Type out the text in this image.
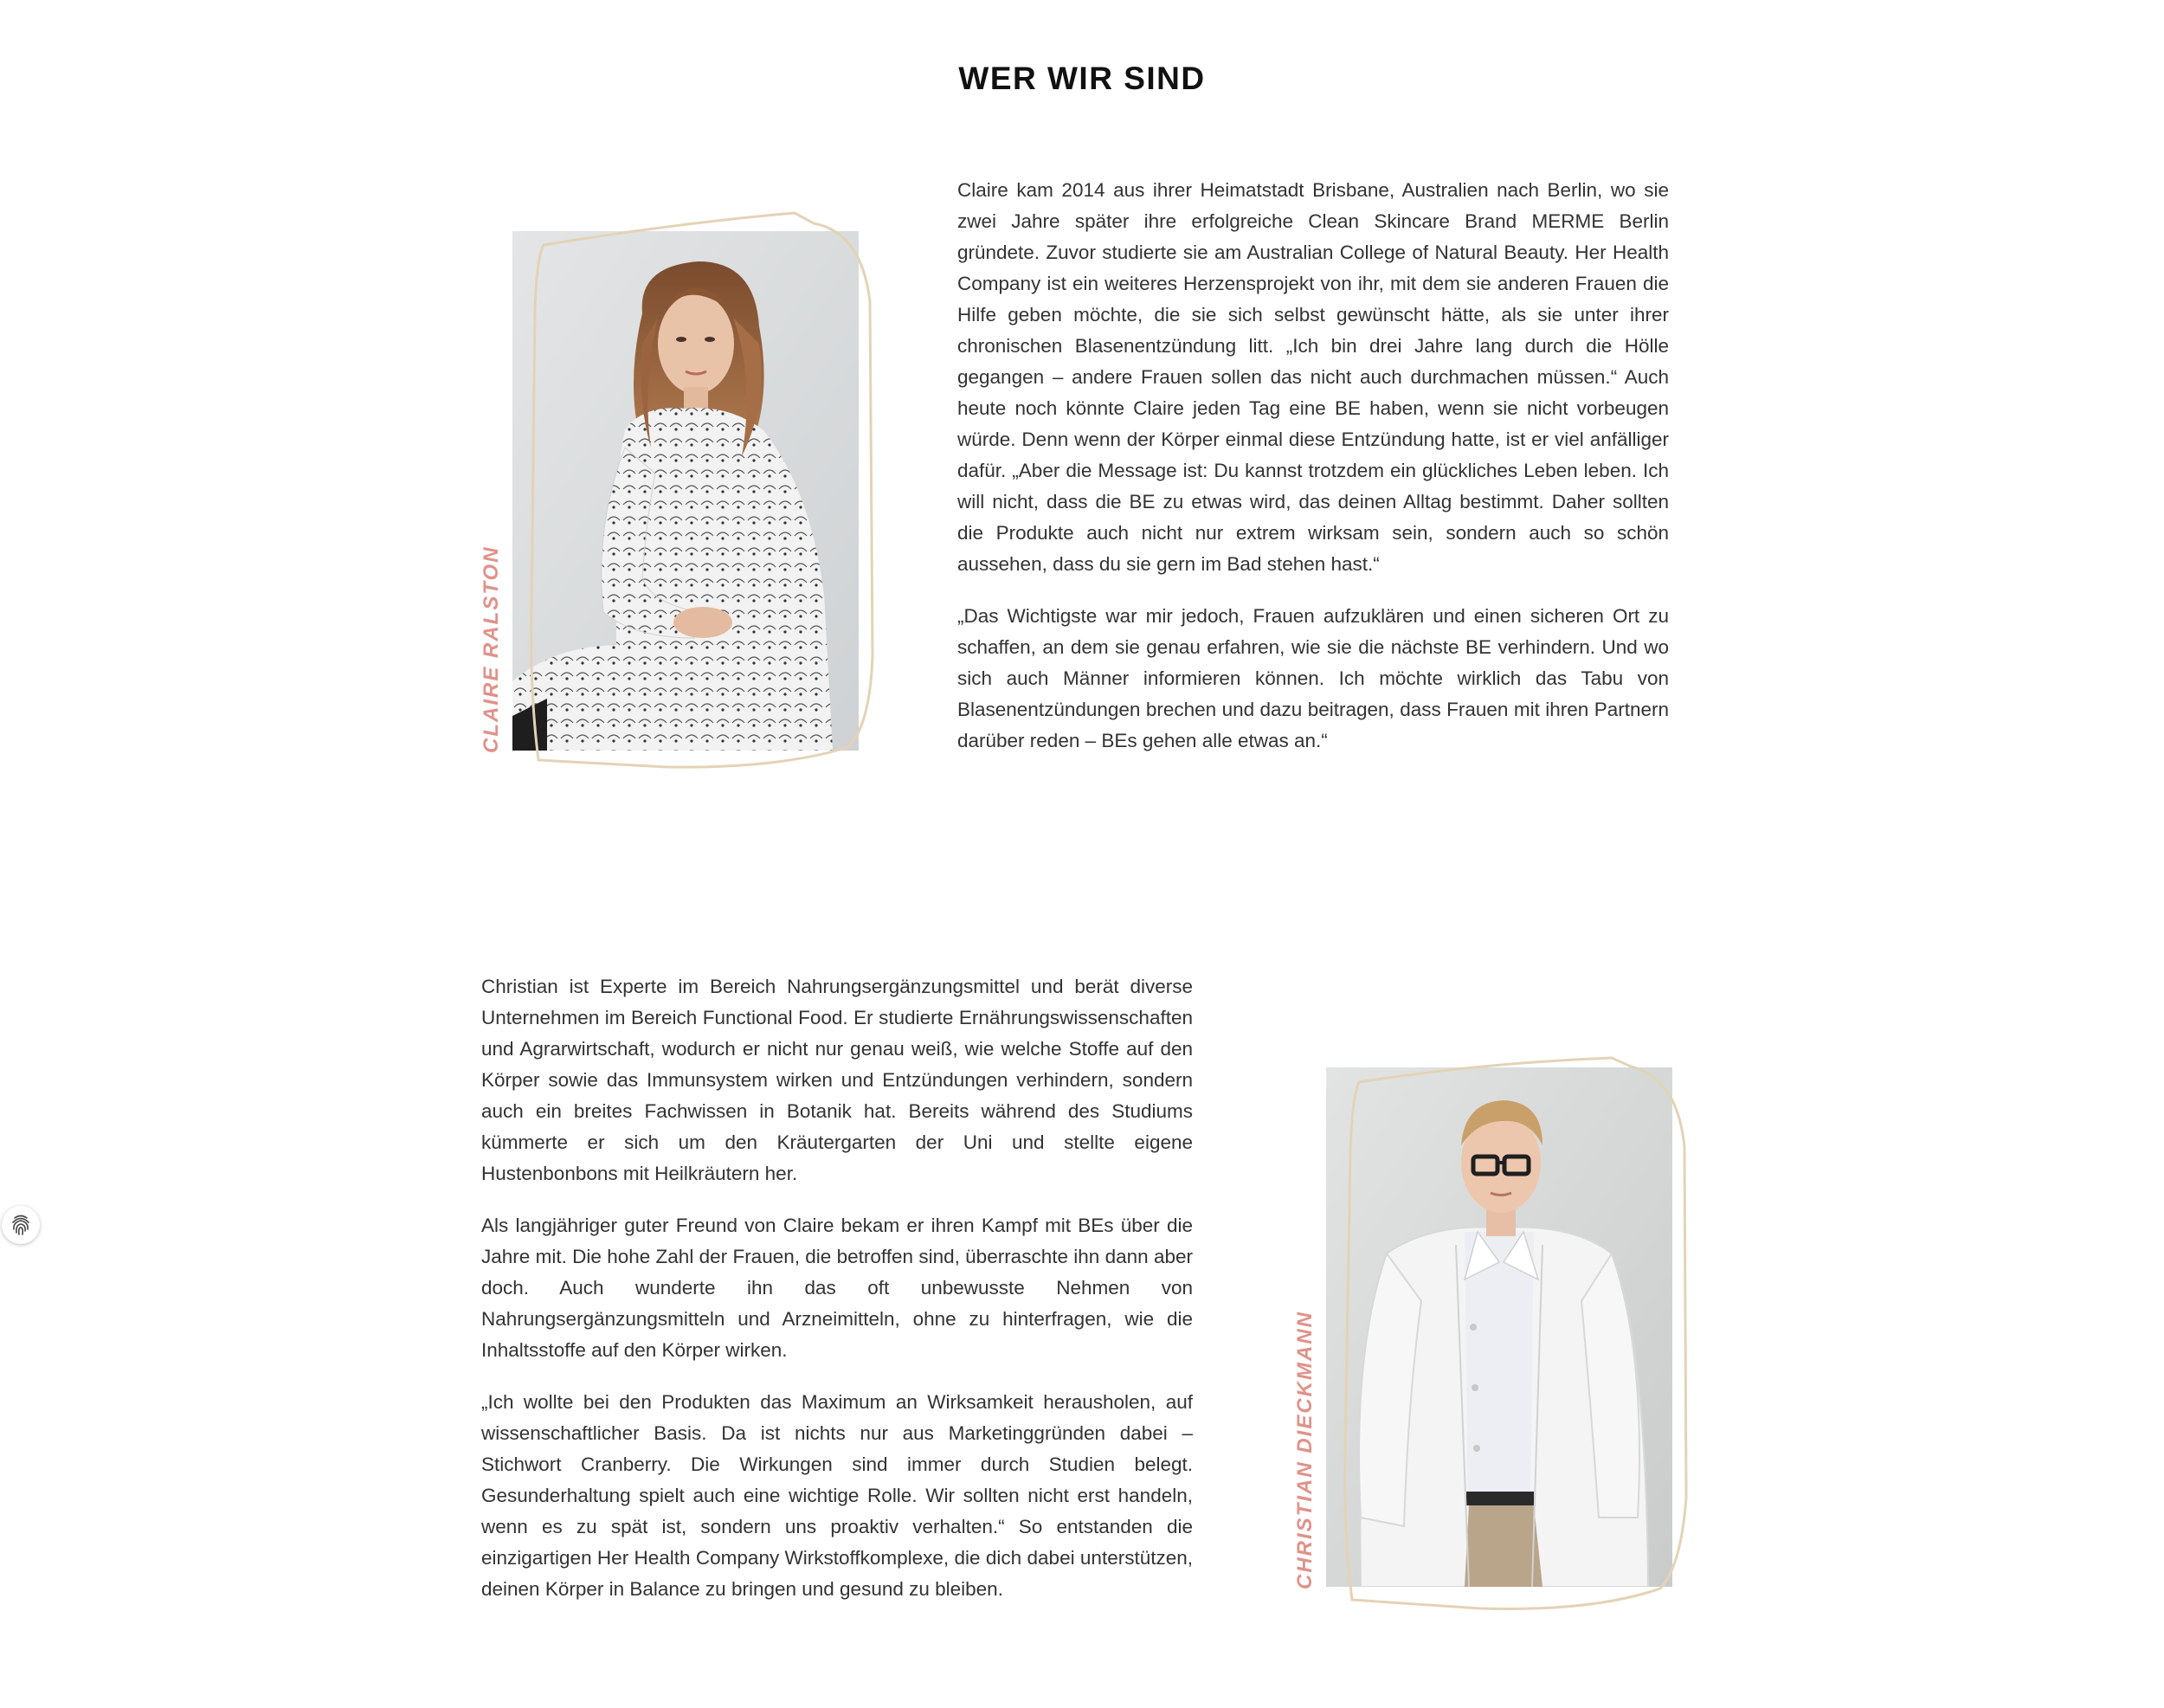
WER WIR SIND
CLAIRE RALSTON

Claire kam 2014 aus ihrer Heimatstadt Brisbane, Australien nach Berlin, wo sie zwei Jahre später ihre erfolgreiche Clean Skincare Brand MERME Berlin gründete. Zuvor studierte sie am Australian College of Natural Beauty. Her Health Company ist ein weiteres Herzensprojekt von ihr, mit dem sie anderen Frauen die Hilfe geben möchte, die sie sich selbst gewünscht hätte, als sie unter ihrer chronischen Blasenentzündung litt. „Ich bin drei Jahre lang durch die Hölle gegangen – andere Frauen sollen das nicht auch durchmachen müssen.“ Auch heute noch könnte Claire jeden Tag eine BE haben, wenn sie nicht vorbeugen würde. Denn wenn der Körper einmal diese Entzündung hatte, ist er viel anfälliger dafür. „Aber die Message ist: Du kannst trotzdem ein glückliches Leben leben. Ich will nicht, dass die BE zu etwas wird, das deinen Alltag bestimmt. Daher sollten die Produkte auch nicht nur extrem wirksam sein, sondern auch so schön aussehen, dass du sie gern im Bad stehen hast.“

„Das Wichtigste war mir jedoch, Frauen aufzuklären und einen sicheren Ort zu schaffen, an dem sie genau erfahren, wie sie die nächste BE verhindern. Und wo sich auch Männer informieren können. Ich möchte wirklich das Tabu von Blasenentzündungen brechen und dazu beitragen, dass Frauen mit ihren Partnern darüber reden – BEs gehen alle etwas an.“

Christian ist Experte im Bereich Nahrungsergänzungsmittel und berät diverse Unternehmen im Bereich Functional Food. Er studierte Ernährungswissenschaften und Agrarwirtschaft, wodurch er nicht nur genau weiß, wie welche Stoffe auf den Körper sowie das Immunsystem wirken und Entzündungen verhindern, sondern auch ein breites Fachwissen in Botanik hat. Bereits während des Studiums kümmerte er sich um den Kräutergarten der Uni und stellte eigene Hustenbonbons mit Heilkräutern her.

Als langjähriger guter Freund von Claire bekam er ihren Kampf mit BEs über die Jahre mit. Die hohe Zahl der Frauen, die betroffen sind, überraschte ihn dann aber doch. Auch wunderte ihn das oft unbewusste Nehmen von Nahrungsergänzungsmitteln und Arzneimitteln, ohne zu hinterfragen, wie die Inhaltsstoffe auf den Körper wirken.

„Ich wollte bei den Produkten das Maximum an Wirksamkeit herausholen, auf wissenschaftlicher Basis. Da ist nichts nur aus Marketinggründen dabei – Stichwort Cranberry. Die Wirkungen sind immer durch Studien belegt. Gesunderhaltung spielt auch eine wichtige Rolle. Wir sollten nicht erst handeln, wenn es zu spät ist, sondern uns proaktiv verhalten.“ So entstanden die einzigartigen Her Health Company Wirkstoffkomplexe, die dich dabei unterstützen, deinen Körper in Balance zu bringen und gesund zu bleiben.	CHRISTIAN DIECKMANN
